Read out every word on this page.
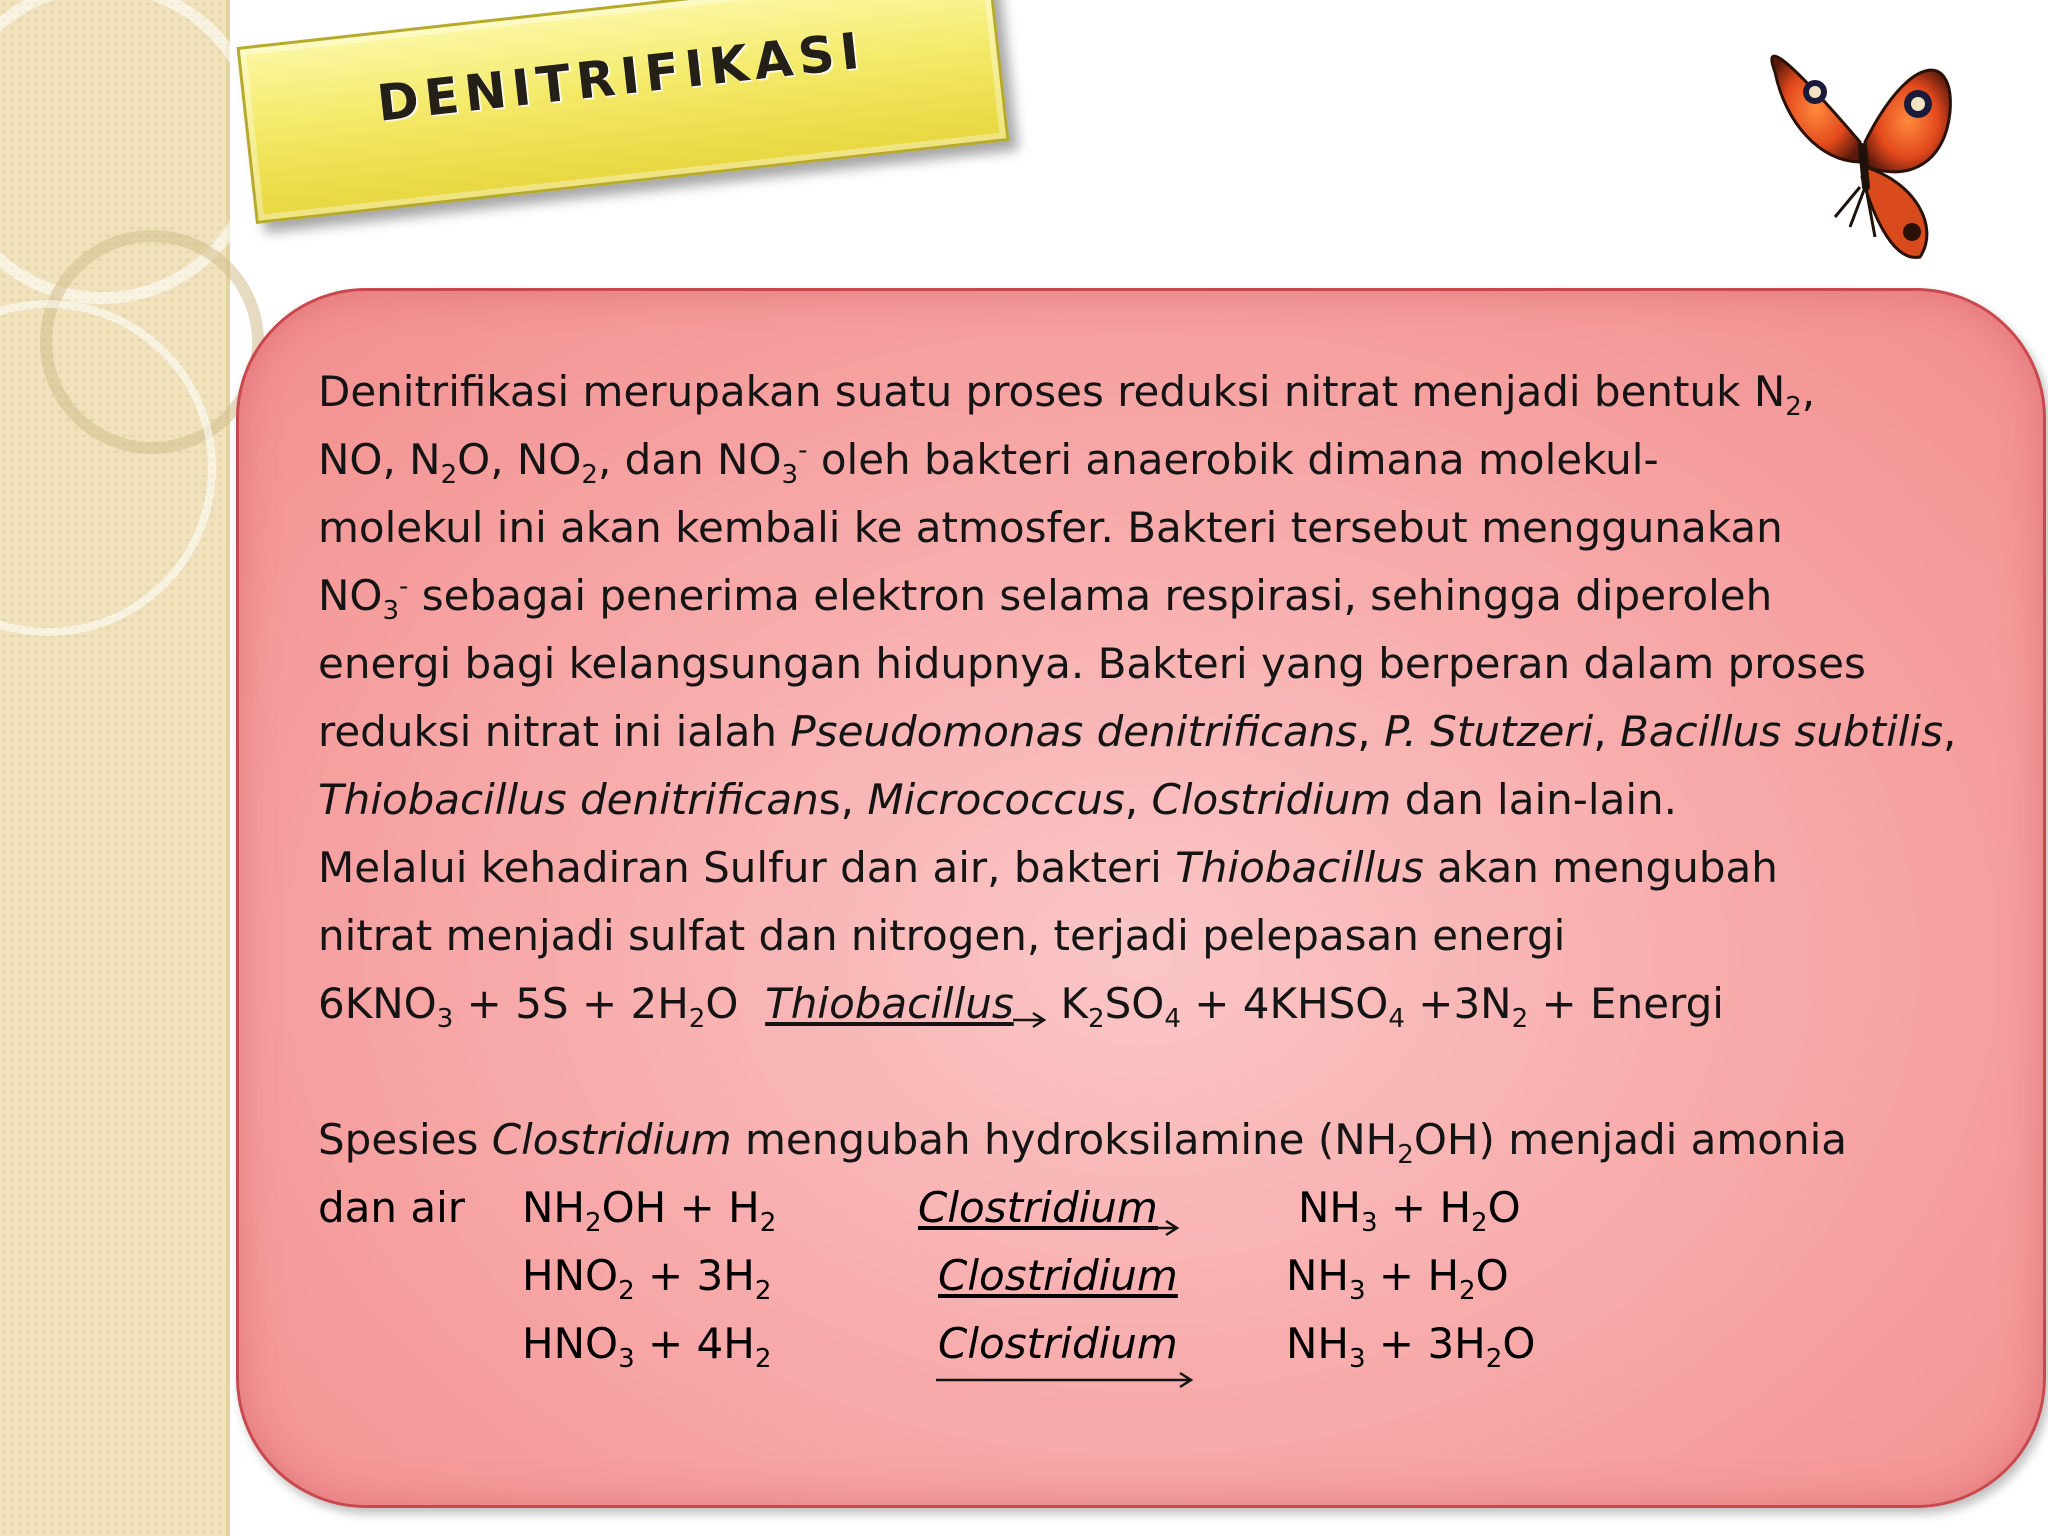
DENITRIFIKASI
Denitrifikasi merupakan suatu proses reduksi nitrat menjadi bentuk $N_2$,
NO, $N_2O$, $NO_2$, dan $NO_3^-$ oleh bakteri anaerobik dimana molekul-
molekul ini akan kembali ke atmosfer. Bakteri tersebut menggunakan
$NO_3^-$ sebagai penerima elektron selama respirasi, sehingga diperoleh
energi bagi kelangsungan hidupnya. Bakteri yang berperan dalam proses
reduksi nitrat ini ialah Pseudomonas denitrificans, P. Stutzeri, Bacillus subtilis,
Thiobacillus denitrificans, Micrococcus, Clostridium dan lain-lain.
Melalui kehadiran Sulfur dan air, bakteri Thiobacillus akan mengubah
nitrat menjadi sulfat dan nitrogen, terjadi pelepasan energi
$6KNO_3 + 5S + 2H_2O$ Thiobacillus→ $K_2SO_4$ + $4KHSO_4 +3N_2$ + Energi
Spesies Clostridium mengubah hydroksilamine $(NH_2OH)$ menjadi amonia
dan air $NH_2OH + H_2$	Clostridium	$NH_3 + H_2O$
$HNO_2 + 3H_2$	Clostridium	$NH_3 + H_2O$
$HNO_3 + 4H_2$	Clostridium	$NH_3 + 3H_2O$
